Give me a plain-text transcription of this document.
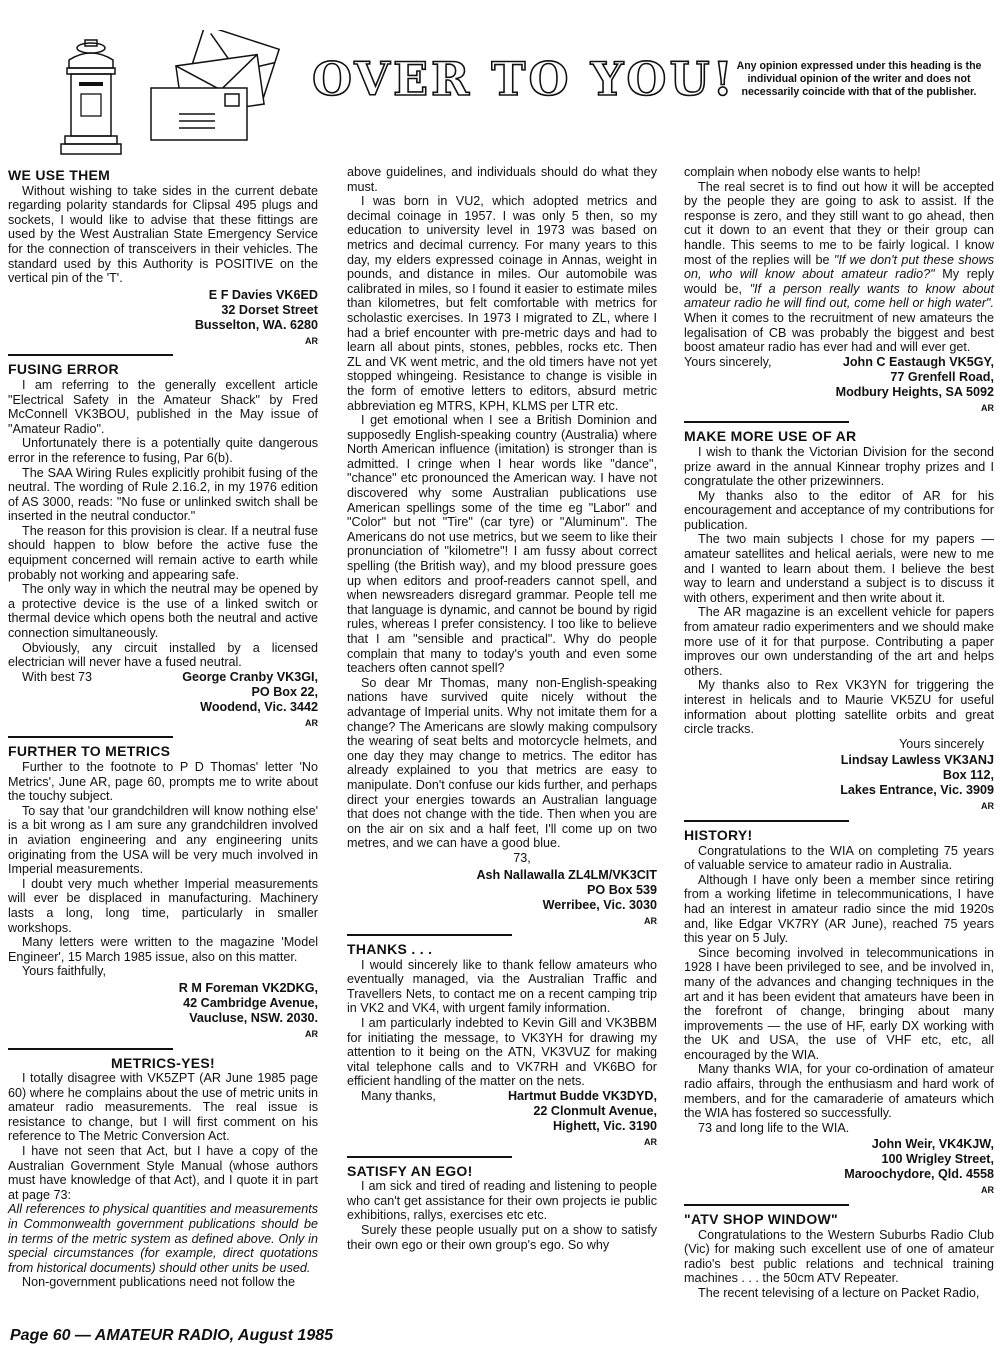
OVER TO YOU! Any opinion expressed under this heading is the individual opinion of the writer and does not necessarily coincide with that of the publisher.
WE USE THEM

Without wishing to take sides in the current debate regarding polarity standards for Clipsal 495 plugs and sockets, I would like to advise that these fittings are used by the West Australian State Emergency Service for the connection of transceivers in their vehicles. The standard used by this Authority is POSITIVE on the vertical pin of the 'T'.

E F Davies VK6ED
32 Dorset Street
Busselton, WA. 6280
AR
FUSING ERROR

I am referring to the generally excellent article "Electrical Safety in the Amateur Shack" by Fred McConnell VK3BOU, published in the May issue of "Amateur Radio".

Unfortunately there is a potentially quite dangerous error in the reference to fusing, Par 6(b).

The SAA Wiring Rules explicitly prohibit fusing of the neutral. The wording of Rule 2.16.2, in my 1976 edition of AS 3000, reads: "No fuse or unlinked switch shall be inserted in the neutral conductor."

The reason for this provision is clear. If a neutral fuse should happen to blow before the active fuse the equipment concerned will remain active to earth while probably not working and appearing safe.

The only way in which the neutral may be opened by a protective device is the use of a linked switch or thermal device which opens both the neutral and active connection simultaneously.

Obviously, any circuit installed by a licensed electrician will never have a fused neutral.

With best 73	George Cranby VK3GI,
PO Box 22,
Woodend, Vic. 3442
AR
FURTHER TO METRICS

Further to the footnote to P D Thomas' letter 'No Metrics', June AR, page 60, prompts me to write about the touchy subject.

To say that 'our grandchildren will know nothing else' is a bit wrong as I am sure any grandchildren involved in aviation engineering and any engineering units originating from the USA will be very much involved in Imperial measurements.

I doubt very much whether Imperial measurements will ever be displaced in manufacturing. Machinery lasts a long, long time, particularly in smaller workshops.

Many letters were written to the magazine 'Model Engineer', 15 March 1985 issue, also on this matter.

Yours faithfully,

R M Foreman VK2DKG,
42 Cambridge Avenue,
Vaucluse, NSW. 2030.
AR
METRICS-YES!

I totally disagree with VK5ZPT (AR June 1985 page 60) where he complains about the use of metric units in amateur radio measurements. The real issue is resistance to change, but I will first comment on his reference to The Metric Conversion Act.

I have not seen that Act, but I have a copy of the Australian Government Style Manual (whose authors must have knowledge of that Act), and I quote it in part at page 73:

All references to physical quantities and measurements in Commonwealth government publications should be in terms of the metric system as defined above. Only in special circumstances (for example, direct quotations from historical documents) should other units be used.

Non-government publications need not follow the

above guidelines, and individuals should do what they must.

I was born in VU2, which adopted metrics and decimal coinage in 1957. I was only 5 then, so my education to university level in 1973 was based on metrics and decimal currency. For many years to this day, my elders expressed coinage in Annas, weight in pounds, and distance in miles. Our automobile was calibrated in miles, so I found it easier to estimate miles than kilometres, but felt comfortable with metrics for scholastic exercises. In 1973 I migrated to ZL, where I had a brief encounter with pre-metric days and had to learn all about pints, stones, pebbles, rocks etc. Then ZL and VK went metric, and the old timers have not yet stopped whingeing. Resistance to change is visible in the form of emotive letters to editors, absurd metric abbreviation eg MTRS, KPH, KLMS per LTR etc.

I get emotional when I see a British Dominion and supposedly English-speaking country (Australia) where North American influence (imitation) is stronger than is admitted. I cringe when I hear words like "dance", "chance" etc pronounced the American way. I have not discovered why some Australian publications use American spellings some of the time eg "Labor" and "Color" but not "Tire" (car tyre) or "Aluminum". The Americans do not use metrics, but we seem to like their pronunciation of "kilometre"! I am fussy about correct spelling (the British way), and my blood pressure goes up when editors and proof-readers cannot spell, and when newsreaders disregard grammar. People tell me that language is dynamic, and cannot be bound by rigid rules, whereas I prefer consistency. I too like to believe that I am "sensible and practical". Why do people complain that many to today's youth and even some teachers often cannot spell?

So dear Mr Thomas, many non-English-speaking nations have survived quite nicely without the advantage of Imperial units. Why not imitate them for a change? The Americans are slowly making compulsory the wearing of seat belts and motorcycle helmets, and one day they may change to metrics. The editor has already explained to you that metrics are easy to manipulate. Don't confuse our kids further, and perhaps direct your energies towards an Australian language that does not change with the tide. Then when you are on the air on six and a half feet, I'll come up on two metres, and we can have a good blue.

73,
Ash Nallawalla ZL4LM/VK3CIT
PO Box 539
Werribee, Vic. 3030
AR
THANKS . . .

I would sincerely like to thank fellow amateurs who eventually managed, via the Australian Traffic and Travellers Nets, to contact me on a recent camping trip in VK2 and VK4, with urgent family information.

I am particularly indebted to Kevin Gill and VK3BBM for initiating the message, to VK3YH for drawing my attention to it being on the ATN, VK3VUZ for making vital telephone calls and to VK7RH and VK6BO for efficient handling of the matter on the nets.

Many thanks,	Hartmut Budde VK3DYD,
22 Clonmult Avenue,
Highett, Vic. 3190
AR
SATISFY AN EGO!

I am sick and tired of reading and listening to people who can't get assistance for their own projects ie public exhibitions, rallys, exercises etc etc.

Surely these people usually put on a show to satisfy their own ego or their own group's ego. So why

complain when nobody else wants to help!

The real secret is to find out how it will be accepted by the people they are going to ask to assist. If the response is zero, and they still want to go ahead, then cut it down to an event that they or their group can handle. This seems to me to be fairly logical. I know most of the replies will be "If we don't put these shows on, who will know about amateur radio?" My reply would be, "If a person really wants to know about amateur radio he will find out, come hell or high water". When it comes to the recruitment of new amateurs the legalisation of CB was probably the biggest and best boost amateur radio has ever had and will ever get.

Yours sincerely,	John C Eastaugh VK5GY,
77 Grenfell Road,
Modbury Heights, SA 5092
AR
MAKE MORE USE OF AR

I wish to thank the Victorian Division for the second prize award in the annual Kinnear trophy prizes and I congratulate the other prizewinners.

My thanks also to the editor of AR for his encouragement and acceptance of my contributions for publication.

The two main subjects I chose for my papers — amateur satellites and helical aerials, were new to me and I wanted to learn about them. I believe the best way to learn and understand a subject is to discuss it with others, experiment and then write about it.

The AR magazine is an excellent vehicle for papers from amateur radio experimenters and we should make more use of it for that purpose. Contributing a paper improves our own understanding of the art and helps others.

My thanks also to Rex VK3YN for triggering the interest in helicals and to Maurie VK5ZU for useful information about plotting satellite orbits and great circle tracks.

Yours sincerely
Lindsay Lawless VK3ANJ
Box 112,
Lakes Entrance, Vic. 3909
AR
HISTORY!

Congratulations to the WIA on completing 75 years of valuable service to amateur radio in Australia.

Although I have only been a member since retiring from a working lifetime in telecommunications, I have had an interest in amateur radio since the mid 1920s and, like Edgar VK7RY (AR June), reached 75 years this year on 5 July.

Since becoming involved in telecommunications in 1928 I have been privileged to see, and be involved in, many of the advances and changing techniques in the art and it has been evident that amateurs have been in the forefront of change, bringing about many improvements — the use of HF, early DX working with the UK and USA, the use of VHF etc, etc, all encouraged by the WIA.

Many thanks WIA, for your co-ordination of amateur radio affairs, through the enthusiasm and hard work of members, and for the camaraderie of amateurs which the WIA has fostered so successfully.

73 and long life to the WIA.

John Weir, VK4KJW,
100 Wrigley Street,
Maroochydore, Qld. 4558
AR
"ATV SHOP WINDOW"

Congratulations to the Western Suburbs Radio Club (Vic) for making such excellent use of one of amateur radio's best public relations and technical training machines . . . the 50cm ATV Repeater.

The recent televising of a lecture on Packet Radio,

Page 60 — AMATEUR RADIO, August 1985
